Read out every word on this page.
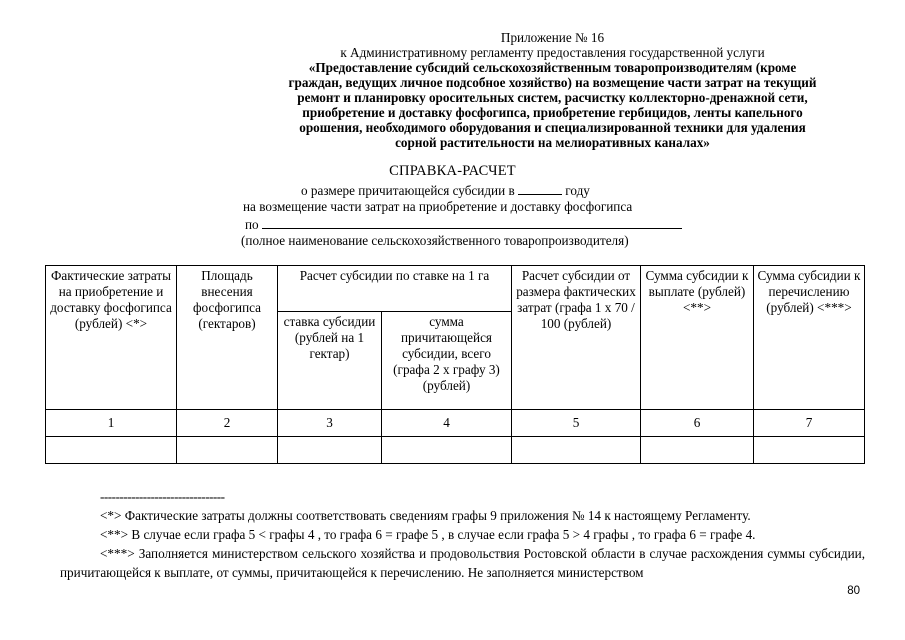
Приложение № 16
к Административному регламенту предоставления государственной услуги
«Предоставление субсидий сельскохозяйственным товаропроизводителям (кроме
граждан, ведущих личное подсобное хозяйство) на возмещение части затрат на текущий
ремонт и планировку оросительных систем, расчистку коллекторно-дренажной сети,
приобретение и доставку фосфогипса, приобретение гербицидов, ленты капельного
орошения, необходимого оборудования и специализированной техники для удаления
сорной растительности на мелиоративных каналах»
СПРАВКА-РАСЧЕТ
о размере причитающейся субсидии в	году
на возмещение части затрат на приобретение и доставку фосфогипса
по
(полное наименование сельскохозяйственного товаропроизводителя)
Фактические затраты на приобретение и доставку фосфогипса (рублей) <*>	Площадь внесения фосфогипса (гектаров)	Расчет субсидии по ставке на 1 га		Расчет субсидии от размера фактических затрат (графа 1 x 70 / 100 (рублей)	Сумма субсидии к выплате (рублей) <**>	Сумма субсидии к перечислению (рублей) <***>
		ставка субсидии (рублей на 1 гектар)	сумма причитающейся субсидии, всего (графа 2 x графу 3) (рублей)			
1	2	3	4	5	6	7

--------------------------------
<*> Фактические затраты должны соответствовать сведениям графы 9 приложения № 14 к настоящему Регламенту.
<**> В случае если графа 5 < графы 4 , то графа 6 = графе 5 , в случае если графа 5 > 4 графы , то графа 6 = графе 4.
<***> Заполняется министерством сельского хозяйства и продовольствия Ростовской области в случае расхождения суммы субсидии, причитающейся к выплате, от суммы, причитающейся к перечислению. Не заполняется министерством
80
